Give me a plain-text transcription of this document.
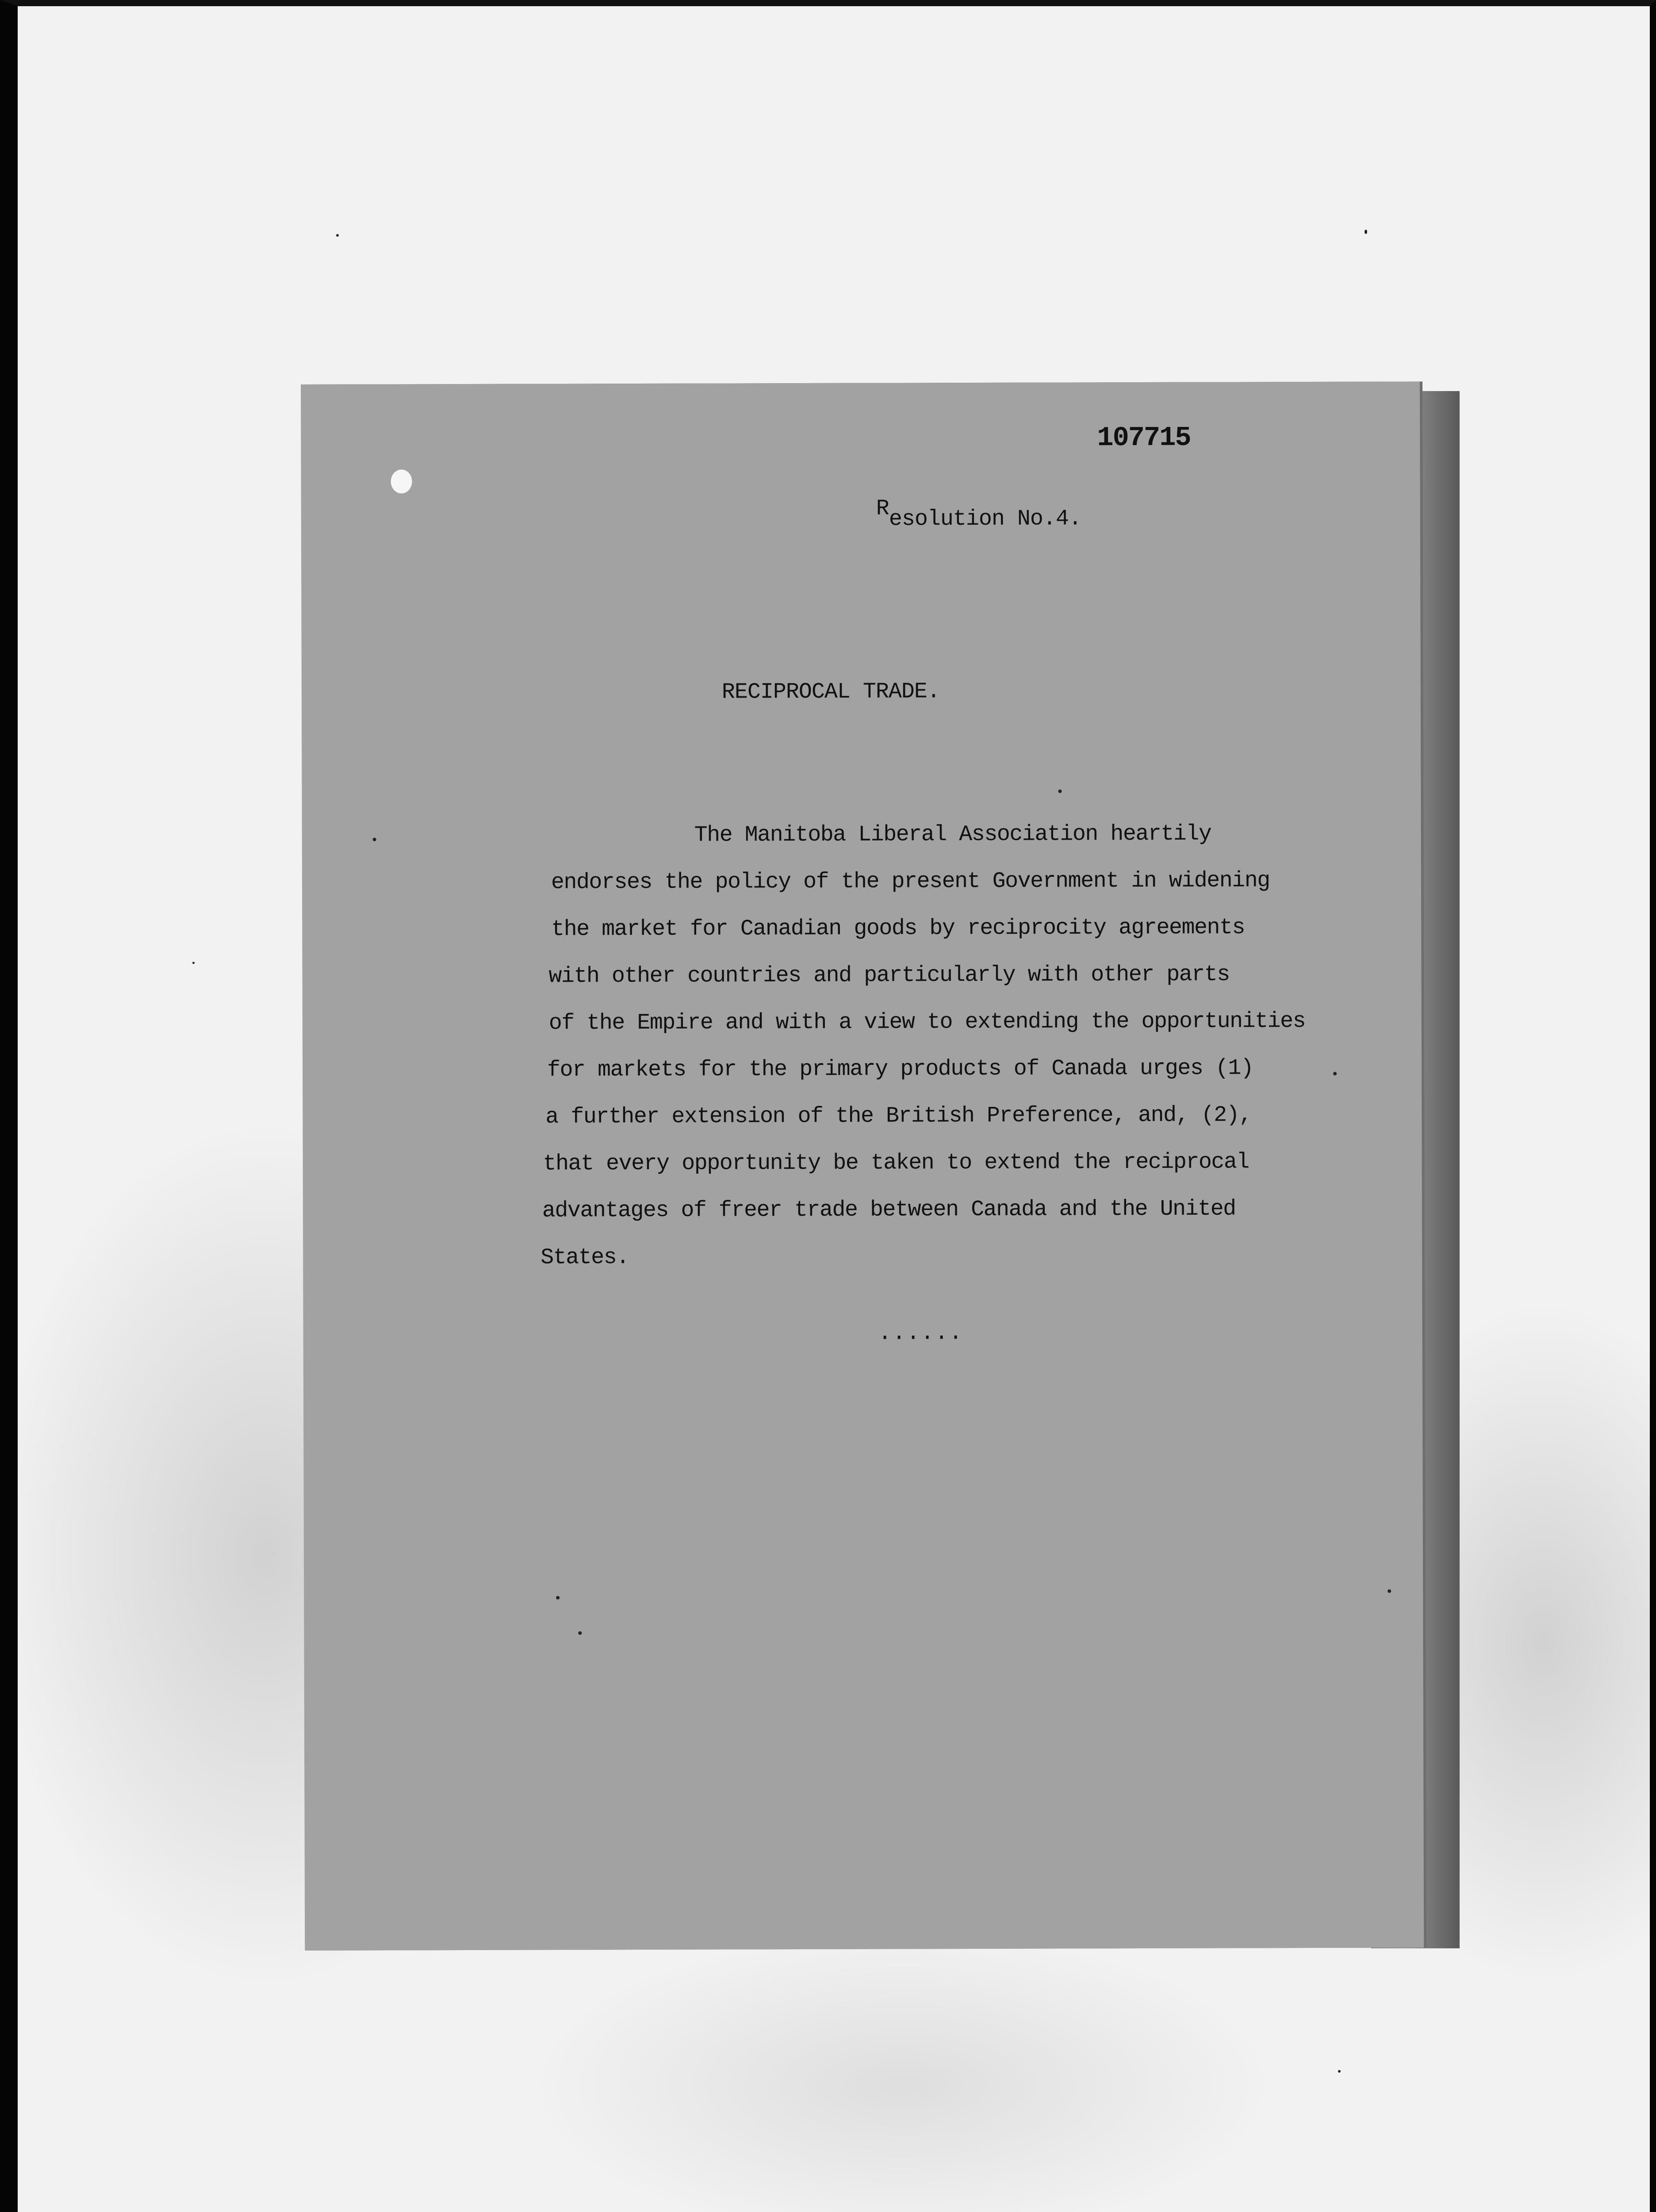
107715
Resolution No.4.
RECIPROCAL TRADE.
The Manitoba Liberal Association heartily
endorses the policy of the present Government in widening
the market for Canadian goods by reciprocity agreements
with other countries and particularly with other parts
of the Empire and with a view to extending the opportunities
for markets for the primary products of Canada urges (1)
a further extension of the British Preference, and, (2),
that every opportunity be taken to extend the reciprocal
advantages of freer trade between Canada and the United
States.
......
